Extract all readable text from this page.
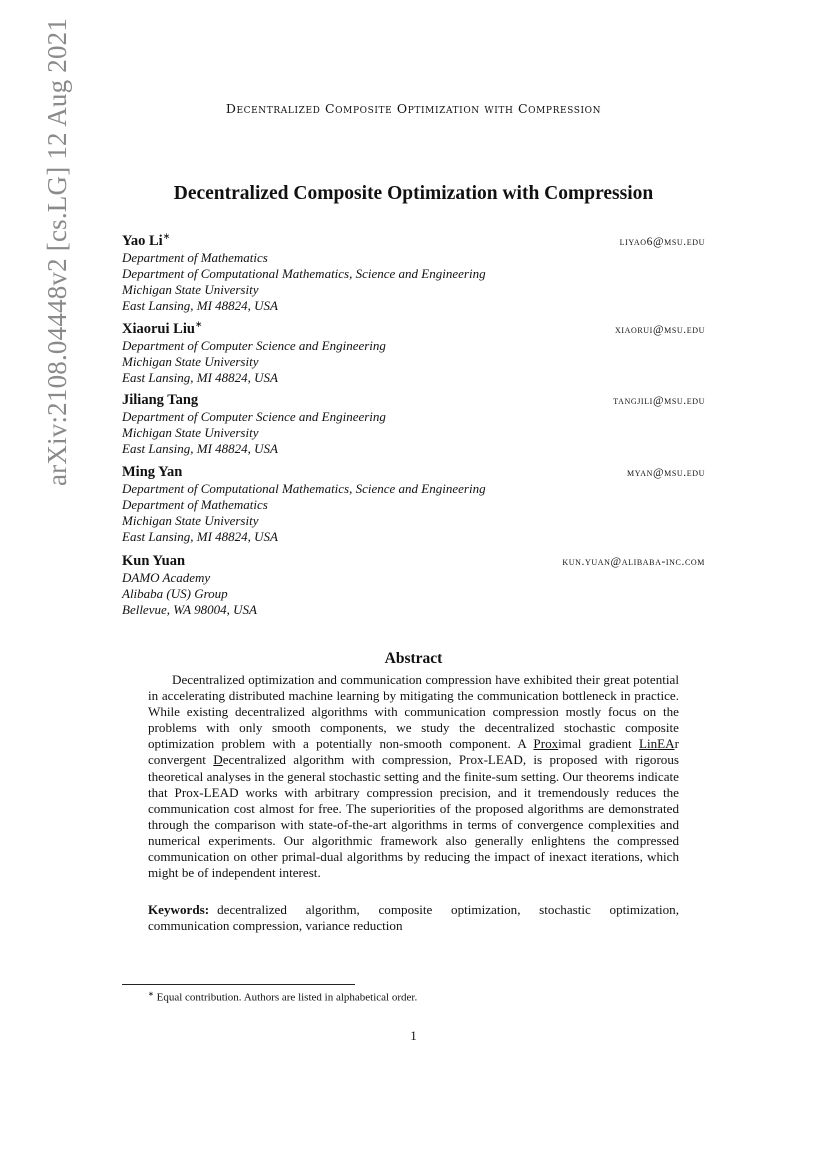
Decentralized Composite Optimization with Compression
arXiv:2108.04448v2 [cs.LG] 12 Aug 2021	Decentralized Composite Optimization with Compression
Yao Li∗	liyao6@msu.edu
Department of Mathematics
Department of Computational Mathematics, Science and Engineering
Michigan State University
East Lansing, MI 48824, USA
Xiaorui Liu∗	xiaorui@msu.edu
Department of Computer Science and Engineering
Michigan State University
East Lansing, MI 48824, USA
Jiliang Tang	tangjili@msu.edu
Department of Computer Science and Engineering
Michigan State University
East Lansing, MI 48824, USA
Ming Yan	myan@msu.edu
Department of Computational Mathematics, Science and Engineering
Department of Mathematics
Michigan State University
East Lansing, MI 48824, USA
Kun Yuan	kun.yuan@alibaba-inc.com
DAMO Academy
Alibaba (US) Group
Bellevue, WA 98004, USA
Abstract
Decentralized optimization and communication compression have exhibited their great potential in accelerating distributed machine learning by mitigating the communication bottleneck in practice. While existing decentralized algorithms with communication compression mostly focus on the problems with only smooth components, we study the decentralized stochastic composite optimization problem with a potentially non-smooth component. A Proximal gradient LinEAr convergent Decentralized algorithm with compression, Prox-LEAD, is proposed with rigorous theoretical analyses in the general stochastic setting and the finite-sum setting. Our theorems indicate that Prox-LEAD works with arbitrary compression precision, and it tremendously reduces the communication cost almost for free. The superiorities of the proposed algorithms are demonstrated through the comparison with state-of-the-art algorithms in terms of convergence complexities and numerical experiments. Our algorithmic framework also generally enlightens the compressed communication on other primal-dual algorithms by reducing the impact of inexact iterations, which might be of independent interest.
Keywords: decentralized algorithm, composite optimization, stochastic optimization, communication compression, variance reduction
∗ Equal contribution. Authors are listed in alphabetical order.
1
